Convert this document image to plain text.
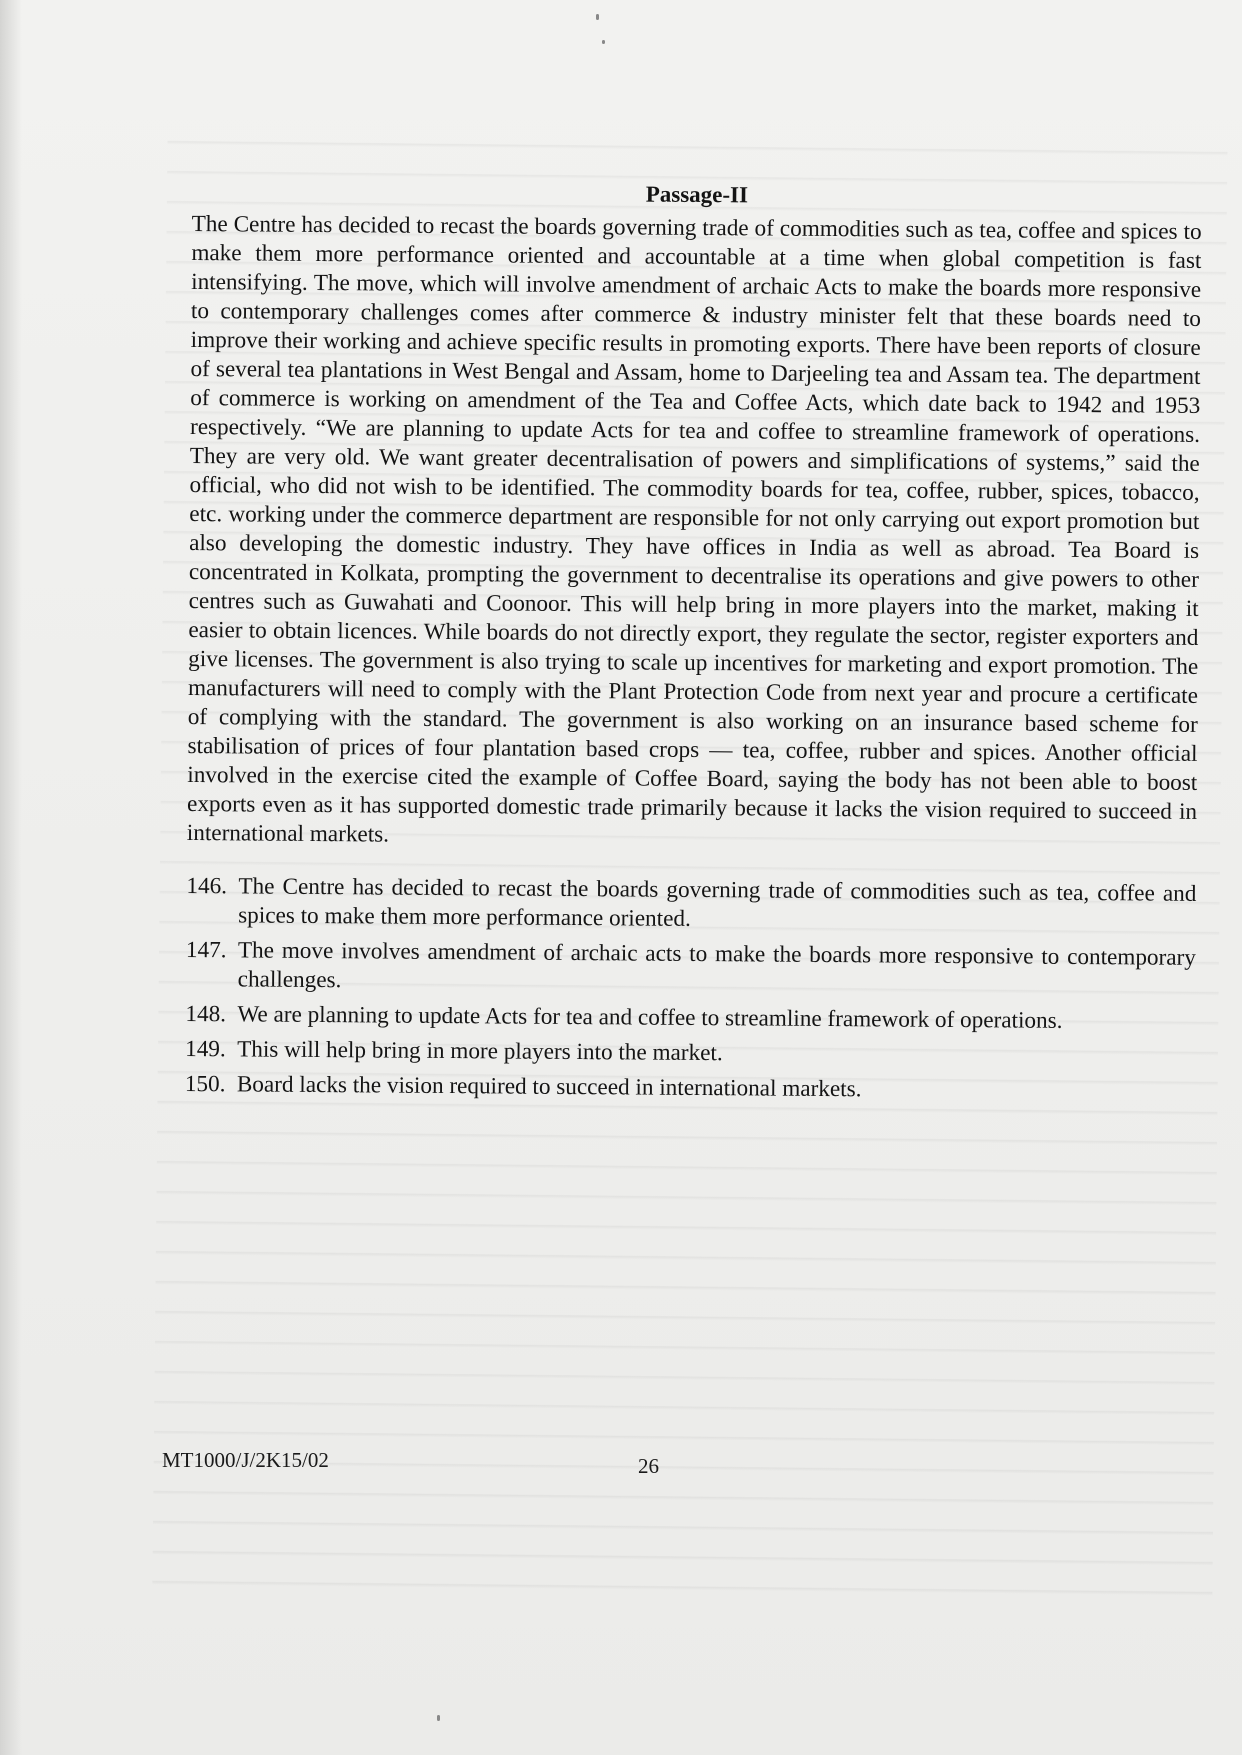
Passage-II

The Centre has decided to recast the boards governing trade of commodities such as tea, coffee and spices to make them more performance oriented and accountable at a time when global competition is fast intensifying. The move, which will involve amendment of archaic Acts to make the boards more responsive to contemporary challenges comes after commerce & industry minister felt that these boards need to improve their working and achieve specific results in promoting exports. There have been reports of closure of several tea plantations in West Bengal and Assam, home to Darjeeling tea and Assam tea. The department of commerce is working on amendment of the Tea and Coffee Acts, which date back to 1942 and 1953 respectively. “We are planning to update Acts for tea and coffee to streamline framework of operations. They are very old. We want greater decentralisation of powers and simplifications of systems,” said the official, who did not wish to be identified. The commodity boards for tea, coffee, rubber, spices, tobacco, etc. working under the commerce department are responsible for not only carrying out export promotion but also developing the domestic industry. They have offices in India as well as abroad. Tea Board is concentrated in Kolkata, prompting the government to decentralise its operations and give powers to other centres such as Guwahati and Coonoor. This will help bring in more players into the market, making it easier to obtain licences. While boards do not directly export, they regulate the sector, register exporters and give licenses. The government is also trying to scale up incentives for marketing and export promotion. The manufacturers will need to comply with the Plant Protection Code from next year and procure a certificate of complying with the standard. The government is also working on an insurance based scheme for stabilisation of prices of four plantation based crops — tea, coffee, rubber and spices. Another official involved in the exercise cited the example of Coffee Board, saying the body has not been able to boost exports even as it has supported domestic trade primarily because it lacks the vision required to succeed in international markets.

146. The Centre has decided to recast the boards governing trade of commodities such as tea, coffee and spices to make them more performance oriented.
147. The move involves amendment of archaic acts to make the boards more responsive to contemporary challenges.
148. We are planning to update Acts for tea and coffee to streamline framework of operations.
149. This will help bring in more players into the market.
150. Board lacks the vision required to succeed in international markets.
MT1000/J/2K15/02	26
